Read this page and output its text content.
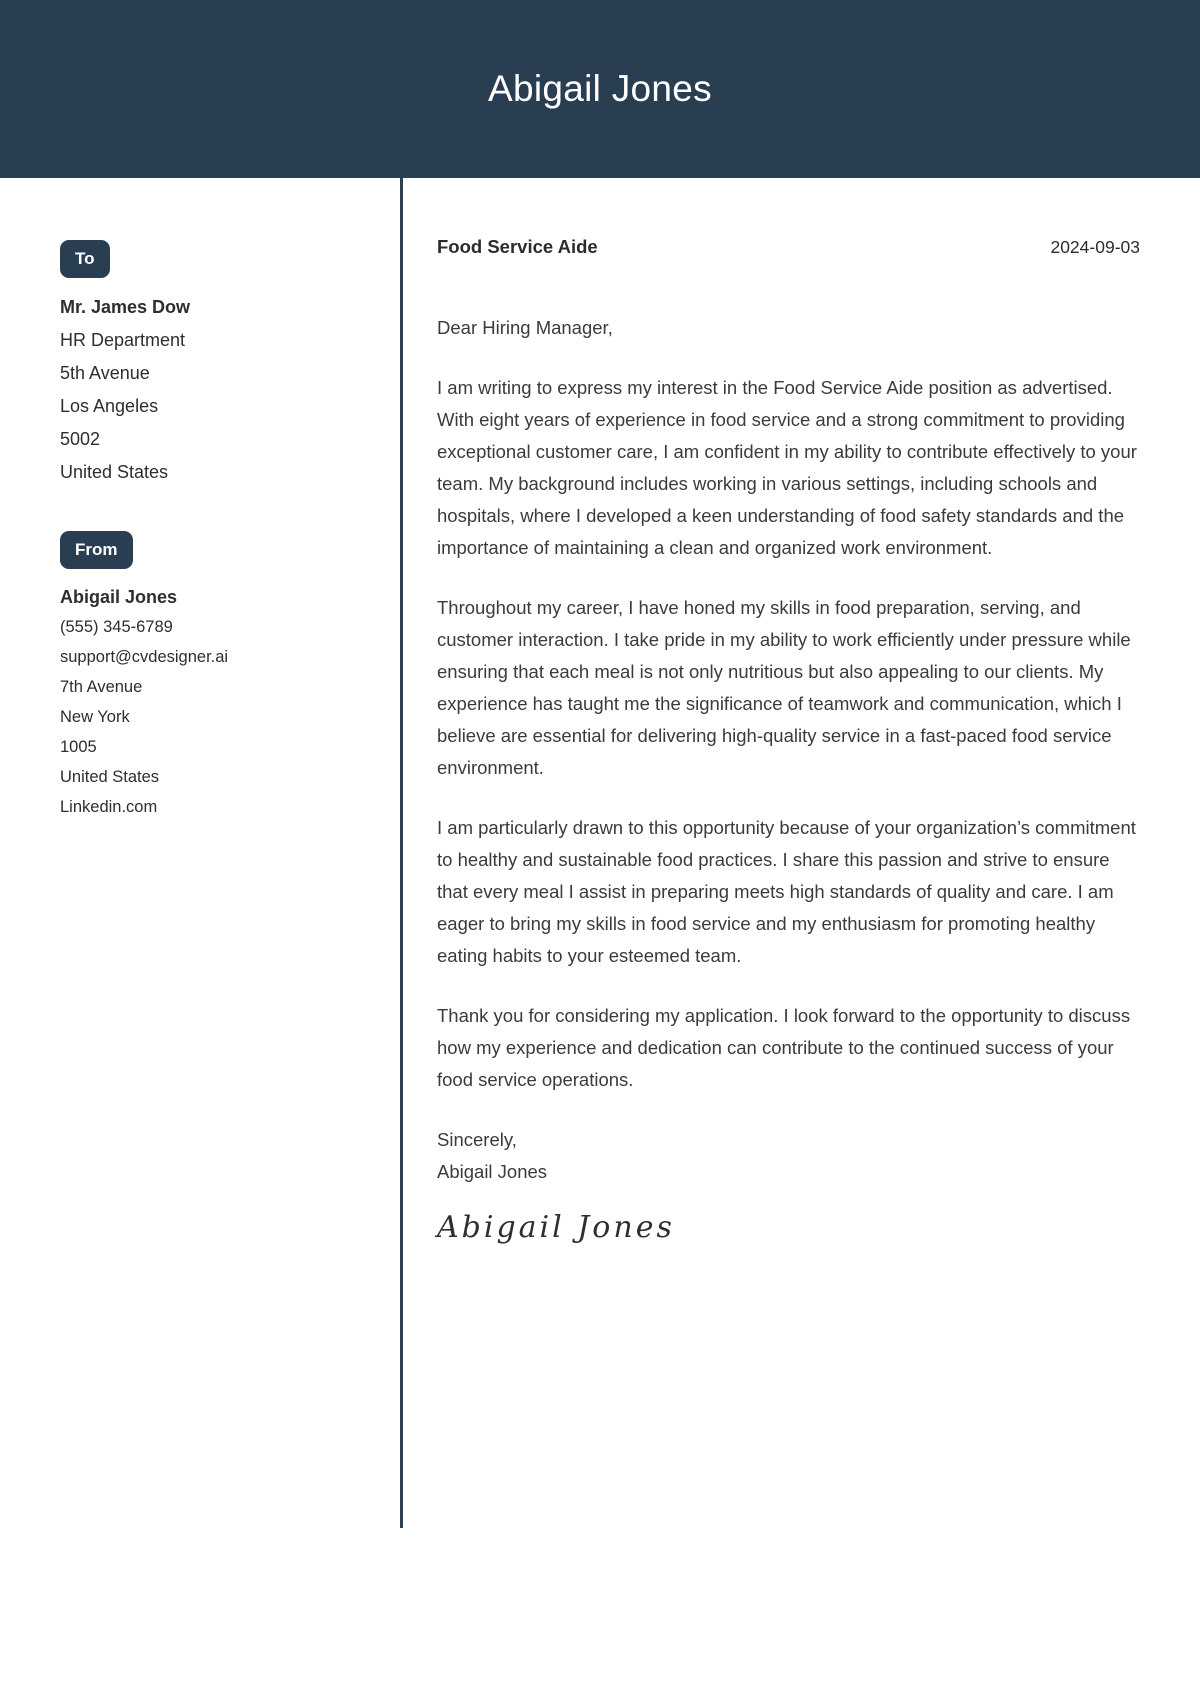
Abigail Jones
To
Mr. James Dow
HR Department
5th Avenue
Los Angeles
5002
United States
From
Abigail Jones
(555) 345-6789
support@cvdesigner.ai
7th Avenue
New York
1005
United States
Linkedin.com
Food Service Aide	2024-09-03
Dear Hiring Manager,

I am writing to express my interest in the Food Service Aide position as advertised. With eight years of experience in food service and a strong commitment to providing exceptional customer care, I am confident in my ability to contribute effectively to your team. My background includes working in various settings, including schools and hospitals, where I developed a keen understanding of food safety standards and the importance of maintaining a clean and organized work environment.

Throughout my career, I have honed my skills in food preparation, serving, and customer interaction. I take pride in my ability to work efficiently under pressure while ensuring that each meal is not only nutritious but also appealing to our clients. My experience has taught me the significance of teamwork and communication, which I believe are essential for delivering high-quality service in a fast-paced food service environment.

I am particularly drawn to this opportunity because of your organization’s commitment to healthy and sustainable food practices. I share this passion and strive to ensure that every meal I assist in preparing meets high standards of quality and care. I am eager to bring my skills in food service and my enthusiasm for promoting healthy eating habits to your esteemed team.

Thank you for considering my application. I look forward to the opportunity to discuss how my experience and dedication can contribute to the continued success of your food service operations.

Sincerely,
Abigail Jones
Abigail Jones
